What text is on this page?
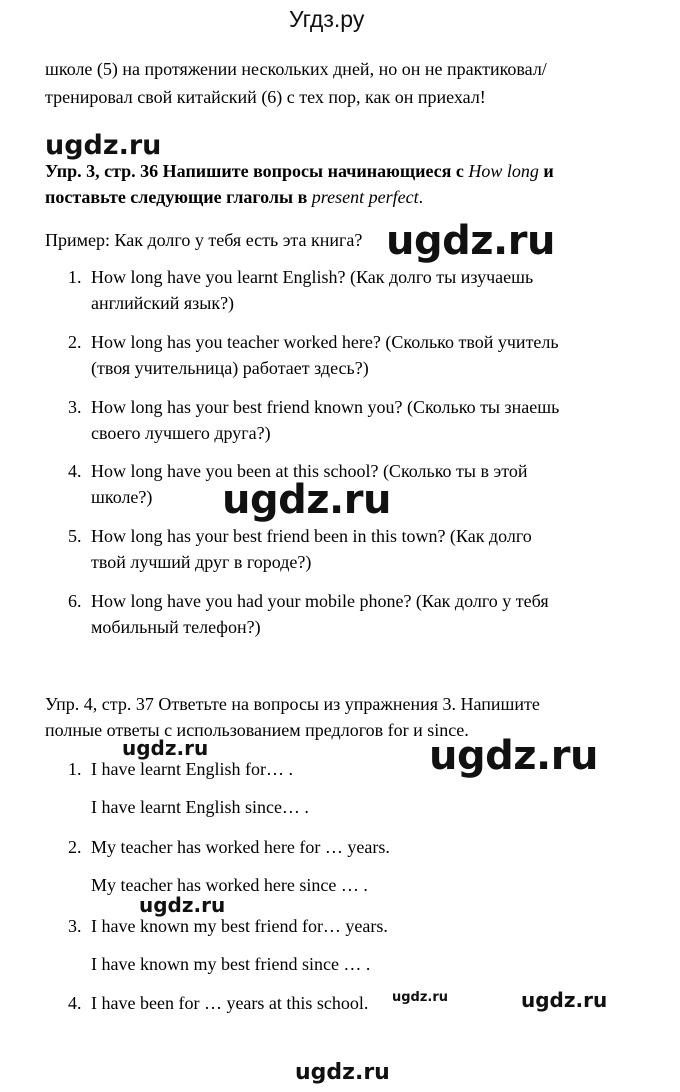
Угдз.ру
школе (5) на протяжении нескольких дней, но он не практиковал/
тренировал свой китайский (6) с тех пор, как он приехал!
ugdz.ru
Упр. 3, стр. 36 Напишите вопросы начинающиеся с How long и
поставьте следующие глаголы в present perfect.
Пример: Как долго у тебя есть эта книга? ugdz.ru
1. How long have you learnt English? (Как долго ты изучаешь
английский язык?)
2. How long has you teacher worked here? (Сколько твой учитель
(твоя учительница) работает здесь?)
3. How long has your best friend known you? (Сколько ты знаешь
своего лучшего друга?)
4. How long have you been at this school? (Сколько ты в этой
школе?) ugdz.ru
5. How long has your best friend been in this town? (Как долго
твой лучший друг в городе?)
6. How long have you had your mobile phone? (Как долго у тебя
мобильный телефон?)
Упр. 4, стр. 37 Ответьте на вопросы из упражнения 3. Напишите
полные ответы с использованием предлогов for и since.
ugdz.ru	ugdz.ru
1. I have learnt English for… .
I have learnt English since… .
2. My teacher has worked here for … years.
My teacher has worked here since … .
ugdz.ru
3. I have known my best friend for… years.
I have known my best friend since … .
4. I have been for … years at this school. ugdz.ru	ugdz.ru
ugdz.ru
